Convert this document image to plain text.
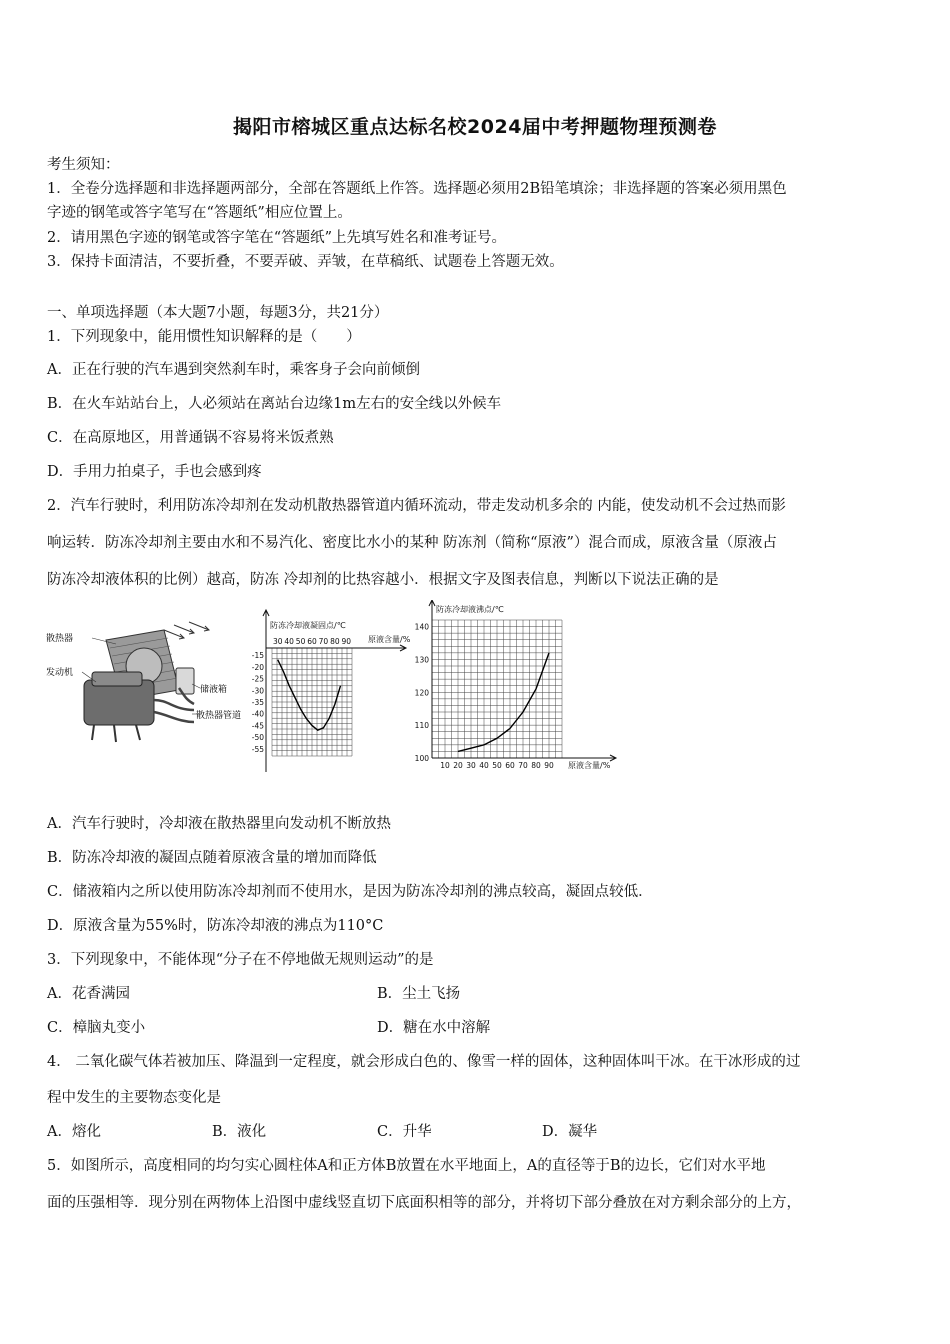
揭阳市榕城区重点达标名校2024届中考押题物理预测卷
考生须知：
1．全卷分选择题和非选择题两部分，全部在答题纸上作答。选择题必须用2B铅笔填涂；非选择题的答案必须用黑色
字迹的钢笔或答字笔写在“答题纸”相应位置上。
2．请用黑色字迹的钢笔或答字笔在“答题纸”上先填写姓名和准考证号。
3．保持卡面清洁，不要折叠，不要弄破、弄皱，在草稿纸、试题卷上答题无效。
一、单项选择题（本大题7小题，每题3分，共21分）
1．下列现象中，能用惯性知识解释的是（　　）
A．正在行驶的汽车遇到突然刹车时，乘客身子会向前倾倒
B．在火车站站台上，人必须站在离站台边缘1m左右的安全线以外候车
C．在高原地区，用普通锅不容易将米饭煮熟
D．手用力拍桌子，手也会感到疼
2．汽车行驶时，利用防冻冷却剂在发动机散热器管道内循环流动，带走发动机多余的 内能，使发动机不会过热而影
响运转．防冻冷却剂主要由水和不易汽化、密度比水小的某种 防冻剂（简称“原液”）混合而成，原液含量（原液占
防冻冷却液体积的比例）越高，防冻 冷却剂的比热容越小．根据文字及图表信息，判断以下说法正确的是
散热器
发动机
储液箱
散热器管道
防冻冷却液凝固点/℃
原液含量/%
30 40 50 60 70 80 90
-15
-20
-25
-30
-35
-40
-45
-50
-55
防冻冷却液沸点/℃
原液含量/%
10 20 30 40 50 60 70 80 90
100
110
120
130
140
A．汽车行驶时，冷却液在散热器里向发动机不断放热
B．防冻冷却液的凝固点随着原液含量的增加而降低
C．储液箱内之所以使用防冻冷却剂而不使用水，是因为防冻冷却剂的沸点较高，凝固点较低．
D．原液含量为55%时，防冻冷却液的沸点为110°C
3．下列现象中，不能体现“分子在不停地做无规则运动”的是
A．花香满园	B．尘土飞扬
C．樟脑丸变小	D．糖在水中溶解
4． 二氧化碳气体若被加压、降温到一定程度，就会形成白色的、像雪一样的固体，这种固体叫干冰。在干冰形成的过
程中发生的主要物态变化是
A．熔化	B．液化	C．升华	D．凝华
5．如图所示，高度相同的均匀实心圆柱体A和正方体B放置在水平地面上，A的直径等于B的边长，它们对水平地
面的压强相等．现分别在两物体上沿图中虚线竖直切下底面积相等的部分，并将切下部分叠放在对方剩余部分的上方，
